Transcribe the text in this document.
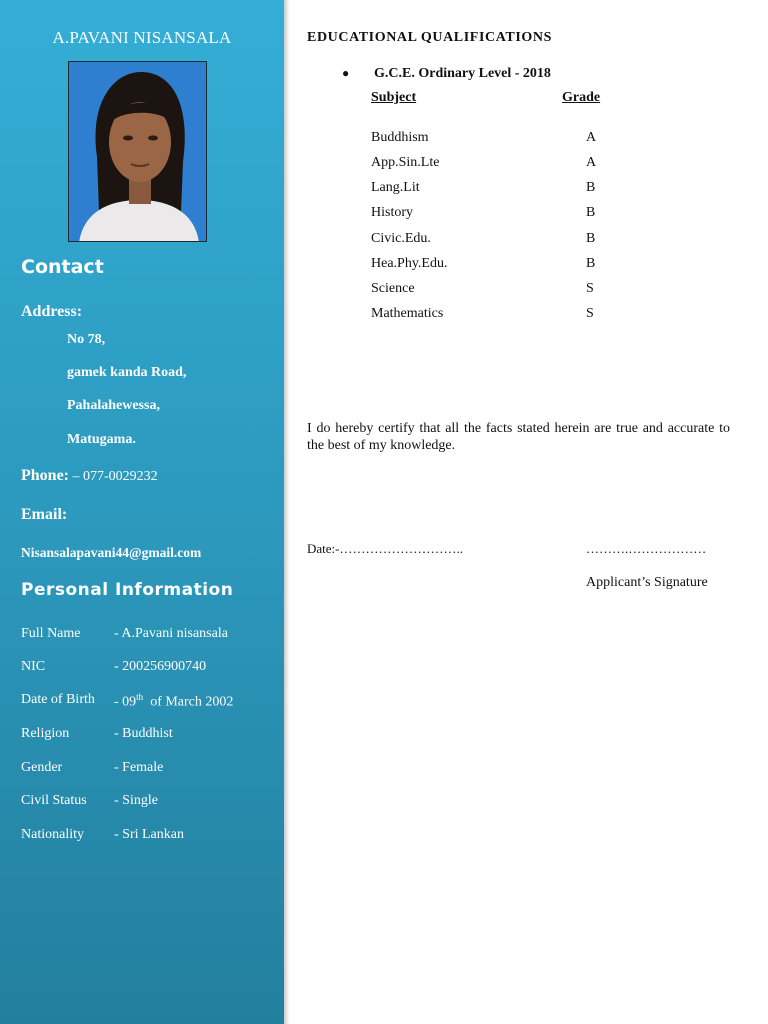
A.PAVANI NISANSALA
Contact
Address:
No 78,
gamek kanda Road,
Pahalahewessa,
Matugama.
Phone: – 077-0029232
Email:
Nisansalapavani44@gmail.com
Personal Information
Full Name - A.Pavani nisansala
NIC	- 200256900740
Date of Birth - 09th  of March 2002
Religion	- Buddhist
Gender	- Female
Civil Status - Single
Nationality - Sri Lankan
EDUCATIONAL QUALIFICATIONS
● G.C.E. Ordinary Level - 2018
Subject	Grade
Buddhism	A
App.Sin.Lte	A
Lang.Lit	B
History	B
Civic.Edu.	B
Hea.Phy.Edu.	B
Science	S
Mathematics	S
I do hereby certify that all the facts stated herein are true and accurate to the best of my knowledge.
Date:-………………………..	……….………………
Applicant’s Signature
